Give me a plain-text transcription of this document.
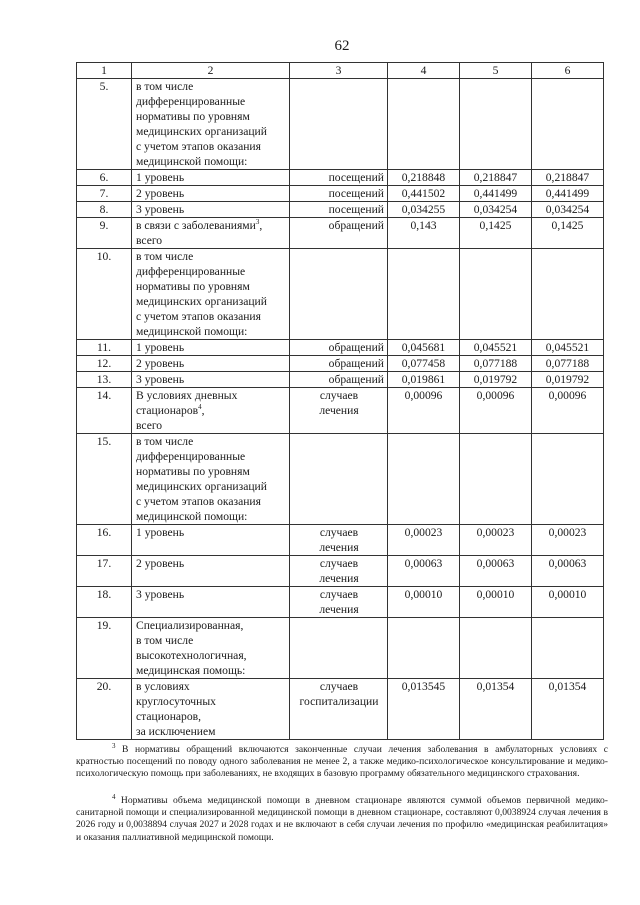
62
1	2	3	4	5	6
5.	в том числе
дифференцированные
нормативы по уровням
медицинских организаций
с учетом этапов оказания
медицинской помощи:

6.	1 уровень	посещений	0,218848	0,218847	0,218847
7.	2 уровень	посещений	0,441502	0,441499	0,441499
8.	3 уровень	посещений	0,034255	0,034254	0,034254
9.	в связи с заболеваниями$^3$,
всего	обращений	0,143	0,1425	0,1425
10.	в том числе
дифференцированные
нормативы по уровням
медицинских организаций
с учетом этапов оказания
медицинской помощи:

11.	1 уровень	обращений	0,045681	0,045521	0,045521
12.	2 уровень	обращений	0,077458	0,077188	0,077188
13.	3 уровень	обращений	0,019861	0,019792	0,019792
14.	В условиях дневных
стационаров$^4$,
всего	случаев
лечения	0,00096	0,00096	0,00096
15.	в том числе
дифференцированные
нормативы по уровням
медицинских организаций
с учетом этапов оказания
медицинской помощи:

16.	1 уровень	случаев
лечения	0,00023	0,00023	0,00023
17.	2 уровень	случаев
лечения	0,00063	0,00063	0,00063
18.	3 уровень	случаев
лечения	0,00010	0,00010	0,00010
19.	Специализированная,
в том числе
высокотехнологичная,
медицинская помощь:				

20.	в условиях
круглосуточных
стационаров,
за исключением	случаев
госпитализации	0,013545	0,01354	0,01354
$^3$ В нормативы обращений включаются законченные случаи лечения заболевания в амбулаторных условиях с кратностью посещений по поводу одного заболевания не менее 2, а также медико-психологическое консультирование и медико-психологическую помощь при заболеваниях, не входящих в базовую программу обязательного медицинского страхования.
$^4$ Нормативы объема медицинской помощи в дневном стационаре являются суммой объемов первичной медико-санитарной помощи и специализированной медицинской помощи в дневном стационаре, составляют 0,0038924 случая лечения в 2026 году и 0,0038894 случая 2027 и 2028 годах и не включают в себя случаи лечения по профилю «медицинская реабилитация» и оказания паллиативной медицинской помощи.
